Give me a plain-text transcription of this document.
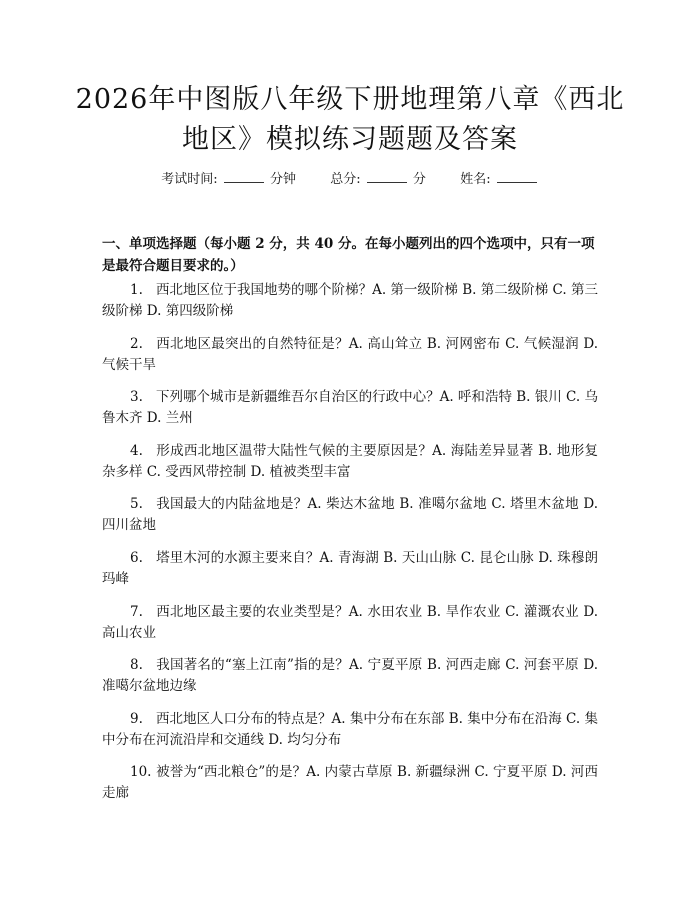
2026年中图版八年级下册地理第八章《西北地区》模拟练习题题及答案
考试时间:	分钟	总分:	分	姓名:

一、单项选择题（每小题 2 分，共 40 分。在每小题列出的四个选项中，只有一项是最符合题目要求的。）

1. 西北地区位于我国地势的哪个阶梯？A. 第一级阶梯 B. 第二级阶梯 C. 第三级阶梯 D. 第四级阶梯
2. 西北地区最突出的自然特征是？A. 高山耸立 B. 河网密布 C. 气候湿润 D. 气候干旱
3. 下列哪个城市是新疆维吾尔自治区的行政中心？A. 呼和浩特 B. 银川 C. 乌鲁木齐 D. 兰州
4. 形成西北地区温带大陆性气候的主要原因是？A. 海陆差异显著 B. 地形复杂多样 C. 受西风带控制 D. 植被类型丰富
5. 我国最大的内陆盆地是？A. 柴达木盆地 B. 准噶尔盆地 C. 塔里木盆地 D. 四川盆地
6. 塔里木河的水源主要来自？A. 青海湖 B. 天山山脉 C. 昆仑山脉 D. 珠穆朗玛峰
7. 西北地区最主要的农业类型是？A. 水田农业 B. 旱作农业 C. 灌溉农业 D. 高山农业
8. 我国著名的“塞上江南”指的是？A. 宁夏平原 B. 河西走廊 C. 河套平原 D. 准噶尔盆地边缘
9. 西北地区人口分布的特点是？A. 集中分布在东部 B. 集中分布在沿海 C. 集中分布在河流沿岸和交通线 D. 均匀分布
10. 被誉为“西北粮仓”的是？A. 内蒙古草原 B. 新疆绿洲 C. 宁夏平原 D. 河西走廊
